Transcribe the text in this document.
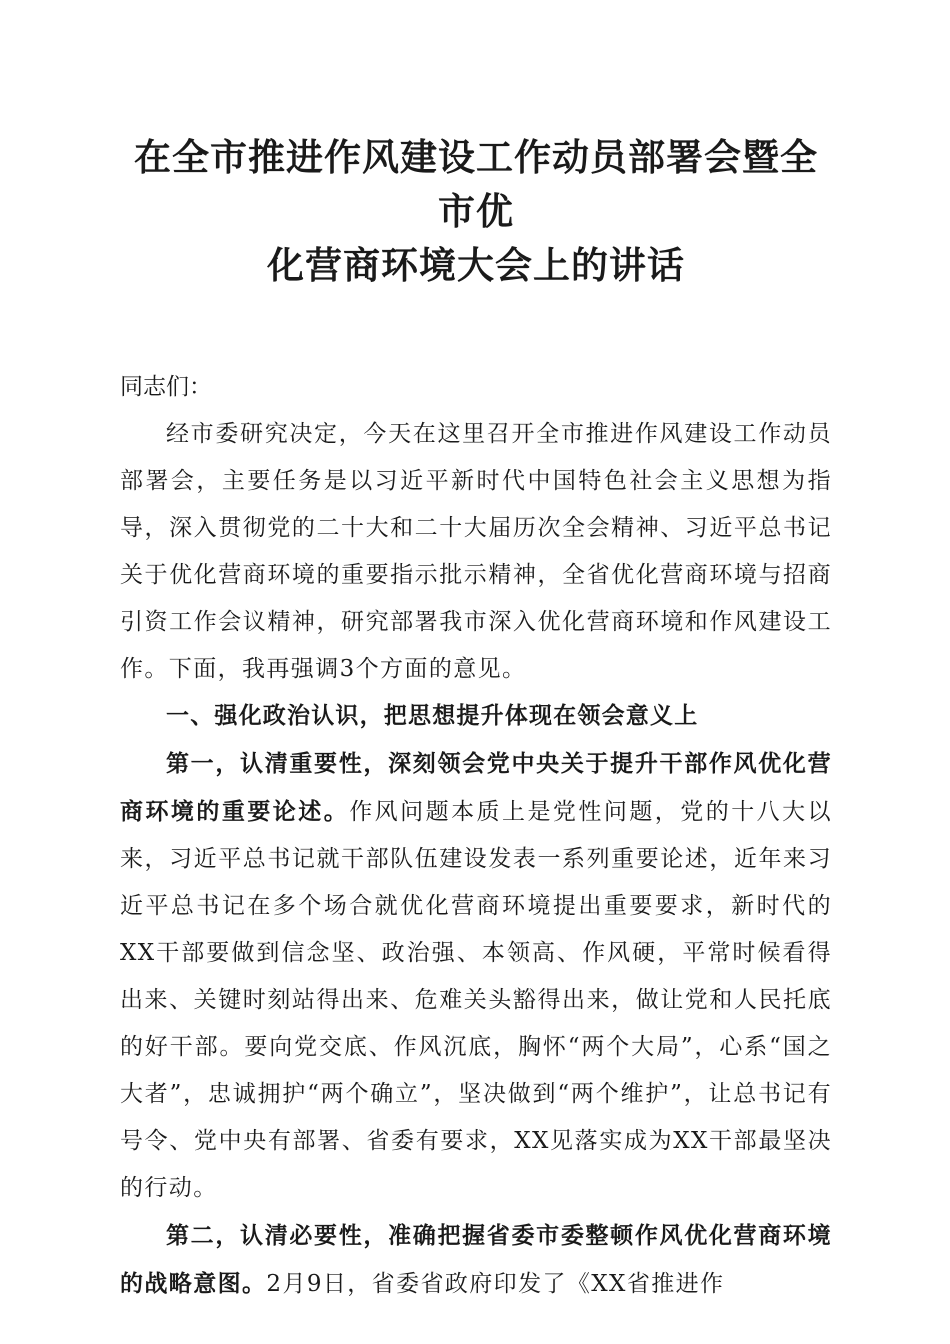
在全市推进作风建设工作动员部署会暨全市优
化营商环境大会上的讲话

同志们：

经市委研究决定，今天在这里召开全市推进作风建设工作动员部署会，主要任务是以习近平新时代中国特色社会主义思想为指导，深入贯彻党的二十大和二十大届历次全会精神、习近平总书记关于优化营商环境的重要指示批示精神，全省优化营商环境与招商引资工作会议精神，研究部署我市深入优化营商环境和作风建设工作。下面，我再强调3个方面的意见。

一、强化政治认识，把思想提升体现在领会意义上

第一，认清重要性，深刻领会党中央关于提升干部作风优化营商环境的重要论述。作风问题本质上是党性问题，党的十八大以来，习近平总书记就干部队伍建设发表一系列重要论述，近年来习近平总书记在多个场合就优化营商环境提出重要要求，新时代的XX干部要做到信念坚、政治强、本领高、作风硬，平常时候看得出来、关键时刻站得出来、危难关头豁得出来，做让党和人民托底的好干部。要向党交底、作风沉底，胸怀“两个大局”，心系“国之大者”，忠诚拥护“两个确立”，坚决做到“两个维护”，让总书记有号令、党中央有部署、省委有要求，XX见落实成为XX干部最坚决的行动。

第二，认清必要性，准确把握省委市委整顿作风优化营商环境的战略意图。2月9日，省委省政府印发了《XX省推进作
